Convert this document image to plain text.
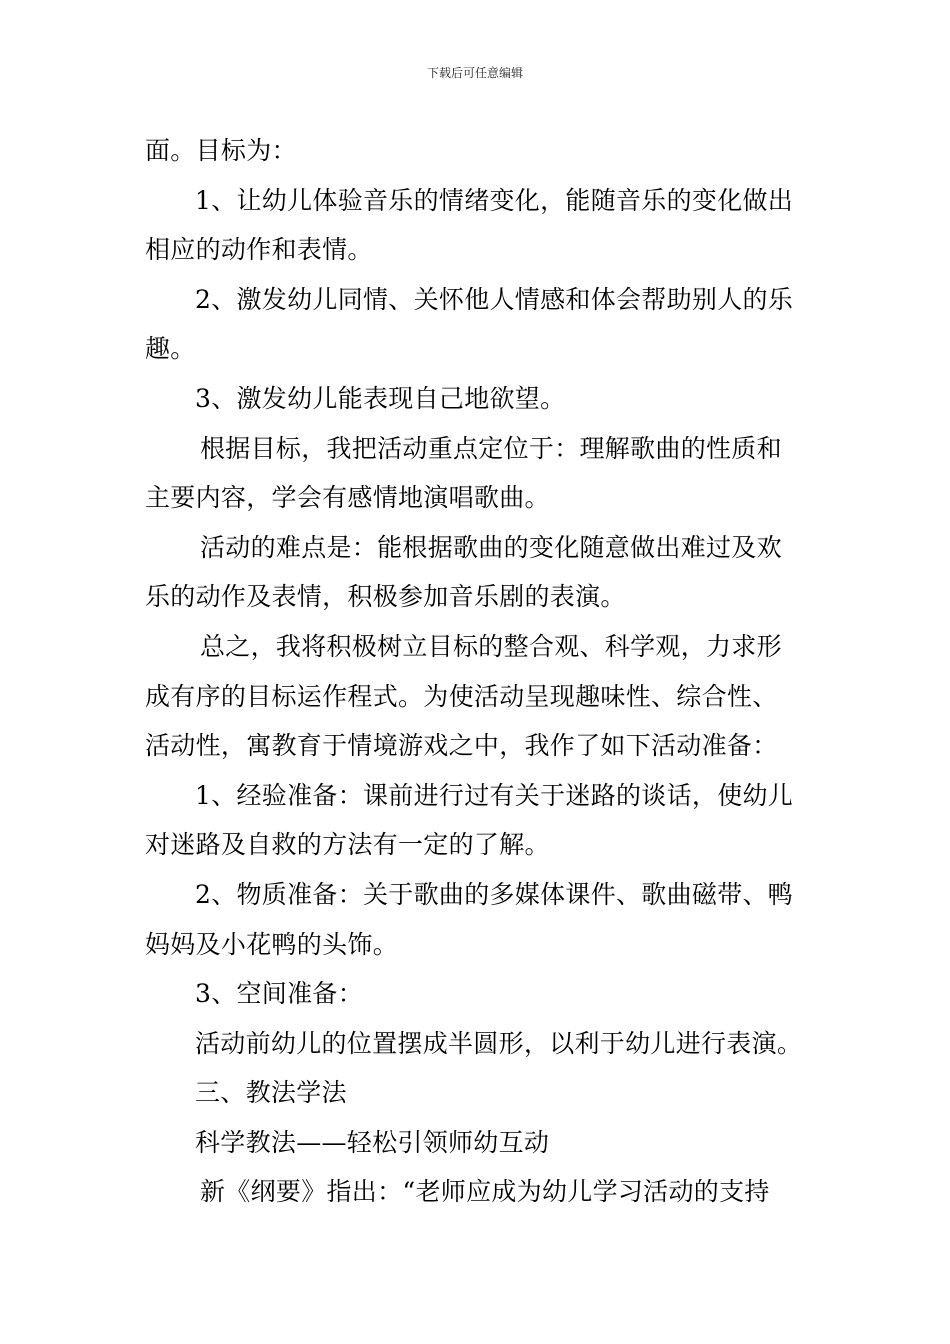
下载后可任意编辑
面。目标为：
1、让幼儿体验音乐的情绪变化，能随音乐的变化做出
相应的动作和表情。
2、激发幼儿同情、关怀他人情感和体会帮助别人的乐
趣。
3、激发幼儿能表现自己地欲望。
根据目标，我把活动重点定位于：理解歌曲的性质和
主要内容，学会有感情地演唱歌曲。
活动的难点是：能根据歌曲的变化随意做出难过及欢
乐的动作及表情，积极参加音乐剧的表演。
总之，我将积极树立目标的整合观、科学观，力求形
成有序的目标运作程式。为使活动呈现趣味性、综合性、
活动性，寓教育于情境游戏之中，我作了如下活动准备：
1、经验准备：课前进行过有关于迷路的谈话，使幼儿
对迷路及自救的方法有一定的了解。
2、物质准备：关于歌曲的多媒体课件、歌曲磁带、鸭
妈妈及小花鸭的头饰。
3、空间准备：
活动前幼儿的位置摆成半圆形，以利于幼儿进行表演。
三、教法学法
科学教法——轻松引领师幼互动
新《纲要》指出：“老师应成为幼儿学习活动的支持
